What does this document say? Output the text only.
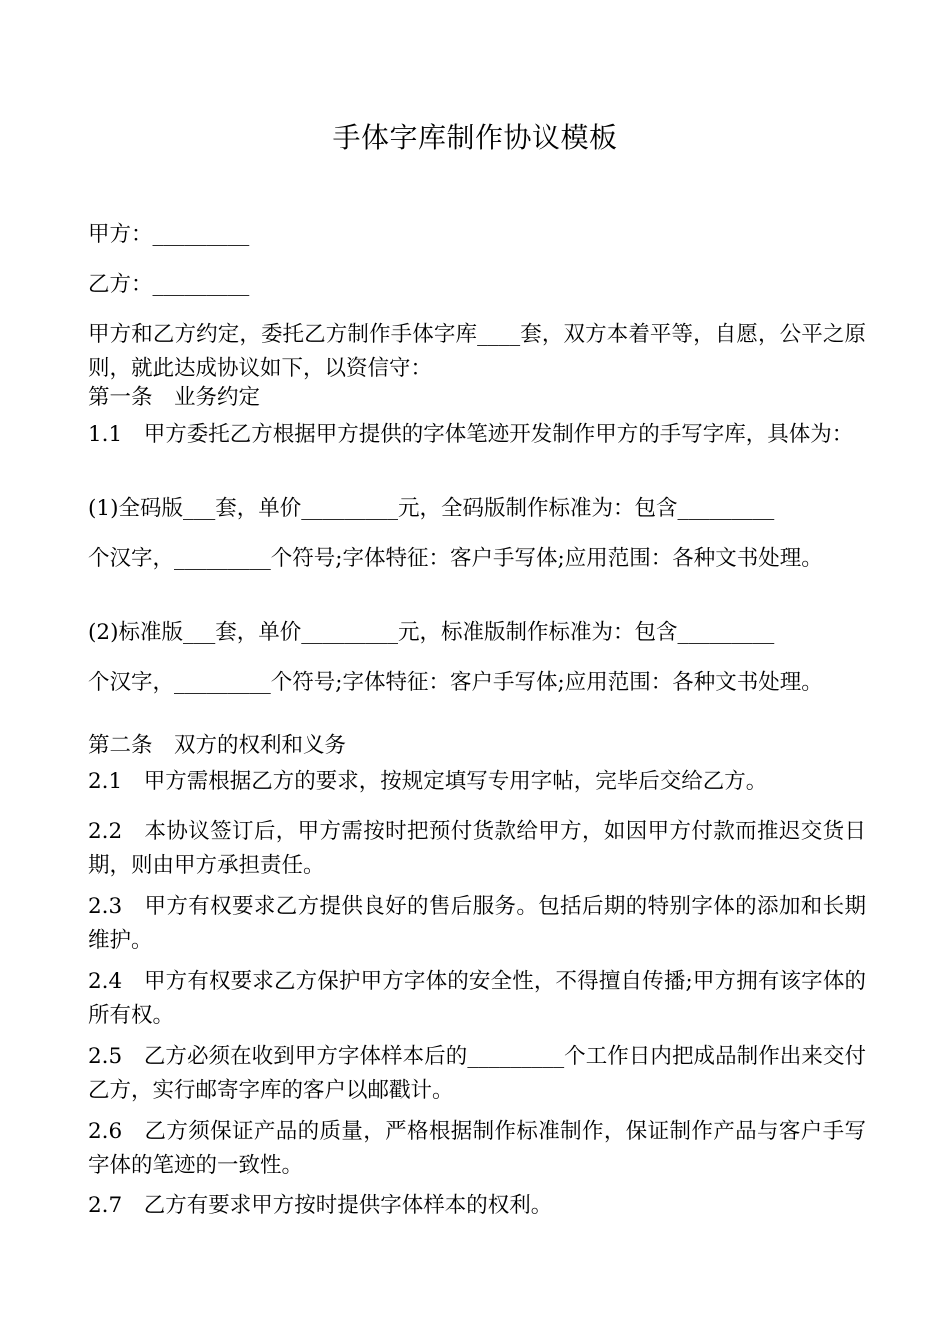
手体字库制作协议模板

甲方：_________

乙方：_________

甲方和乙方约定，委托乙方制作手体字库____套，双方本着平等，自愿，公平之原则，就此达成协议如下，以资信守：

第一条　业务约定

1.1　甲方委托乙方根据甲方提供的字体笔迹开发制作甲方的手写字库，具体为：

(1)全码版___套，单价_________元，全码版制作标准为：包含_________

个汉字，_________个符号;字体特征：客户手写体;应用范围：各种文书处理。

(2)标准版___套，单价_________元，标准版制作标准为：包含_________

个汉字，_________个符号;字体特征：客户手写体;应用范围：各种文书处理。

第二条　双方的权利和义务

2.1　甲方需根据乙方的要求，按规定填写专用字帖，完毕后交给乙方。

2.2　本协议签订后，甲方需按时把预付货款给甲方，如因甲方付款而推迟交货日期，则由甲方承担责任。

2.3　甲方有权要求乙方提供良好的售后服务。包括后期的特别字体的添加和长期维护。

2.4　甲方有权要求乙方保护甲方字体的安全性，不得擅自传播;甲方拥有该字体的所有权。

2.5　乙方必须在收到甲方字体样本后的_________个工作日内把成品制作出来交付乙方，实行邮寄字库的客户以邮戳计。

2.6　乙方须保证产品的质量，严格根据制作标准制作，保证制作产品与客户手写字体的笔迹的一致性。

2.7　乙方有要求甲方按时提供字体样本的权利。
